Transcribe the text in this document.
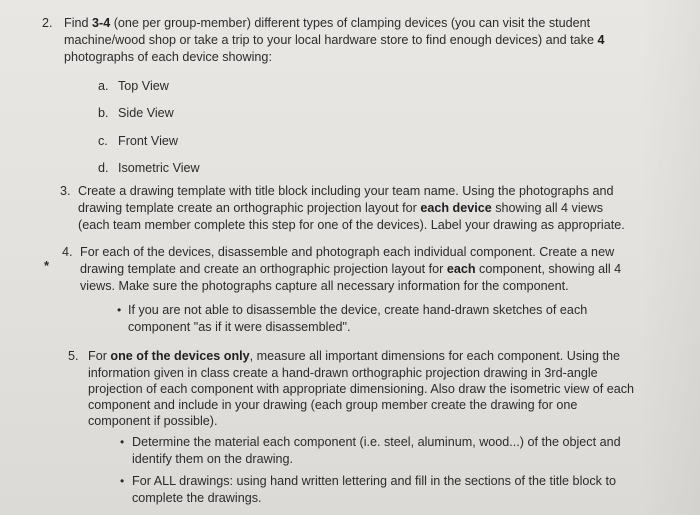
2. Find 3-4 (one per group-member) different types of clamping devices (you can visit the student
machine/wood shop or take a trip to your local hardware store to find enough devices) and take 4
photographs of each device showing:
a. Top View
b. Side View
c. Front View
d. Isometric View
3. Create a drawing template with title block including your team name. Using the photographs and
drawing template create an orthographic projection layout for each device showing all 4 views
(each team member complete this step for one of the devices). Label your drawing as appropriate.
4.
*
For each of the devices, disassemble and photograph each individual component. Create a new
drawing template and create an orthographic projection layout for each component, showing all 4
views. Make sure the photographs capture all necessary information for the component.
• If you are not able to disassemble the device, create hand-drawn sketches of each
component "as if it were disassembled".
5. For one of the devices only, measure all important dimensions for each component. Using the
information given in class create a hand-drawn orthographic projection drawing in 3rd-angle
projection of each component with appropriate dimensioning. Also draw the isometric view of each
component and include in your drawing (each group member create the drawing for one
component if possible).
• Determine the material each component (i.e. steel, aluminum, wood...) of the object and
identify them on the drawing.
• For ALL drawings: using hand written lettering and fill in the sections of the title block to
complete the drawings.
